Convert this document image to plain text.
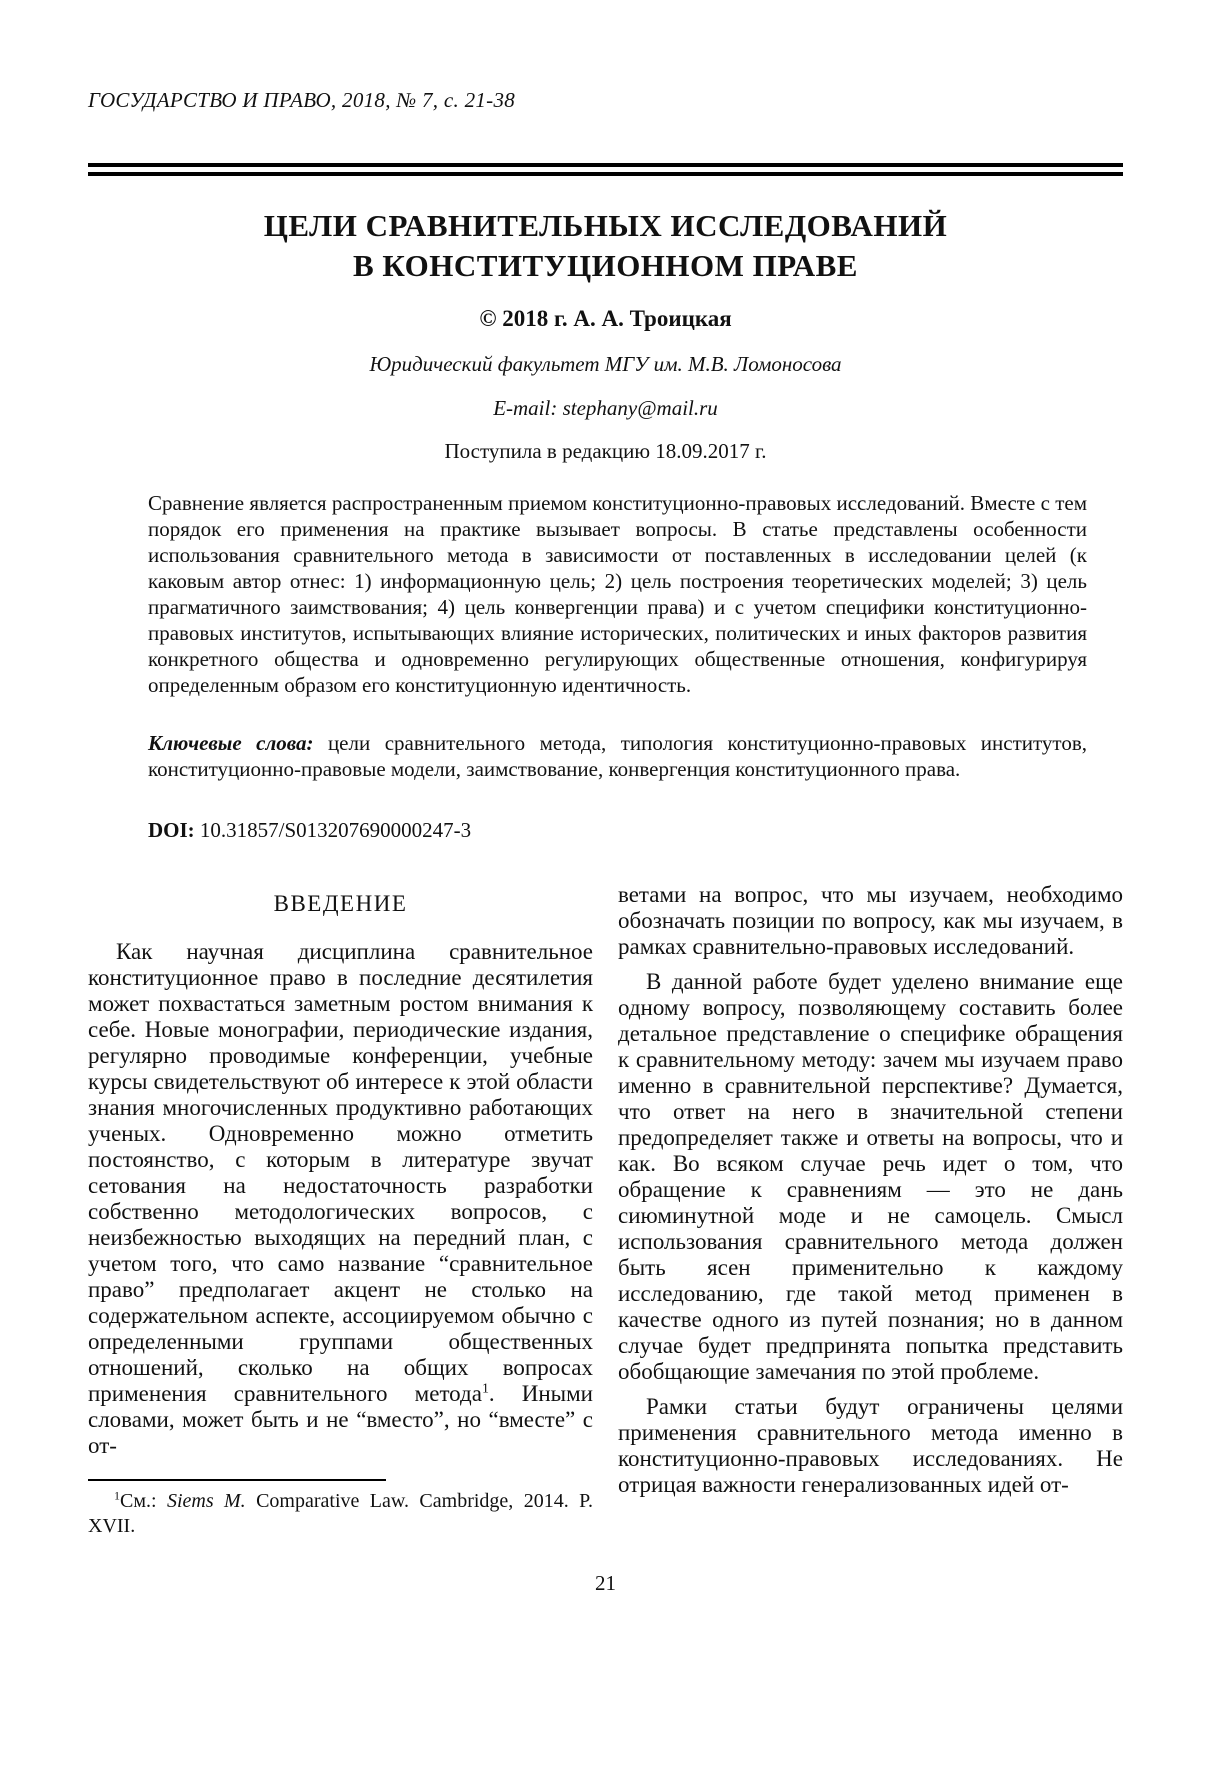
ГОСУДАРСТВО И ПРАВО, 2018, № 7, с. 21-38
ЦЕЛИ СРАВНИТЕЛЬНЫХ ИССЛЕДОВАНИЙ
В КОНСТИТУЦИОННОМ ПРАВЕ
© 2018 г. А. А. Троицкая
Юридический факультет МГУ им. М.В. Ломоносова
E-mail: stephany@mail.ru
Поступила в редакцию 18.09.2017 г.

Сравнение является распространенным приемом конституционно-правовых исследований. Вместе с тем порядок его применения на практике вызывает вопросы. В статье представлены особенности использования сравнительного метода в зависимости от поставленных в исследовании целей (к каковым автор отнес: 1) информационную цель; 2) цель построения теоретических моделей; 3) цель прагматичного заимствования; 4) цель конвергенции права) и с учетом специфики конституционно-правовых институтов, испытывающих влияние исторических, политических и иных факторов развития конкретного общества и одновременно регулирующих общественные отношения, конфигурируя определенным образом его конституционную идентичность.

Ключевые слова: цели сравнительного метода, типология конституционно-правовых институтов, конституционно-правовые модели, заимствование, конвергенция конституционного права.

DOI: 10.31857/S013207690000247-3

ВВЕДЕНИЕ

Как научная дисциплина сравнительное конституционное право в последние десятилетия может похвастаться заметным ростом внимания к себе. Новые монографии, периодические издания, регулярно проводимые конференции, учебные курсы свидетельствуют об интересе к этой области знания многочисленных продуктивно работающих ученых. Одновременно можно отметить постоянство, с которым в литературе звучат сетования на недостаточность разработки собственно методологических вопросов, с неизбежностью выходящих на передний план, с учетом того, что само название “сравнительное право” предполагает акцент не столько на содержательном аспекте, ассоциируемом обычно с определенными группами общественных отношений, сколько на общих вопросах применения сравнительного метода$^1$. Иными словами, может быть и не “вместо”, но “вместе” с от-

$^1$См.: Siems M. Comparative Law. Cambridge, 2014. P. XVII.

ветами на вопрос, что мы изучаем, необходимо обозначать позиции по вопросу, как мы изучаем, в рамках сравнительно-правовых исследований.

В данной работе будет уделено внимание еще одному вопросу, позволяющему составить более детальное представление о специфике обращения к сравнительному методу: зачем мы изучаем право именно в сравнительной перспективе? Думается, что ответ на него в значительной степени предопределяет также и ответы на вопросы, что и как. Во всяком случае речь идет о том, что обращение к сравнениям — это не дань сиюминутной моде и не самоцель. Смысл использования сравнительного метода должен быть ясен применительно к каждому исследованию, где такой метод применен в качестве одного из путей познания; но в данном случае будет предпринята попытка представить обобщающие замечания по этой проблеме.

Рамки статьи будут ограничены целями применения сравнительного метода именно в конституционно-правовых исследованиях. Не отрицая важности генерализованных идей от-

21
